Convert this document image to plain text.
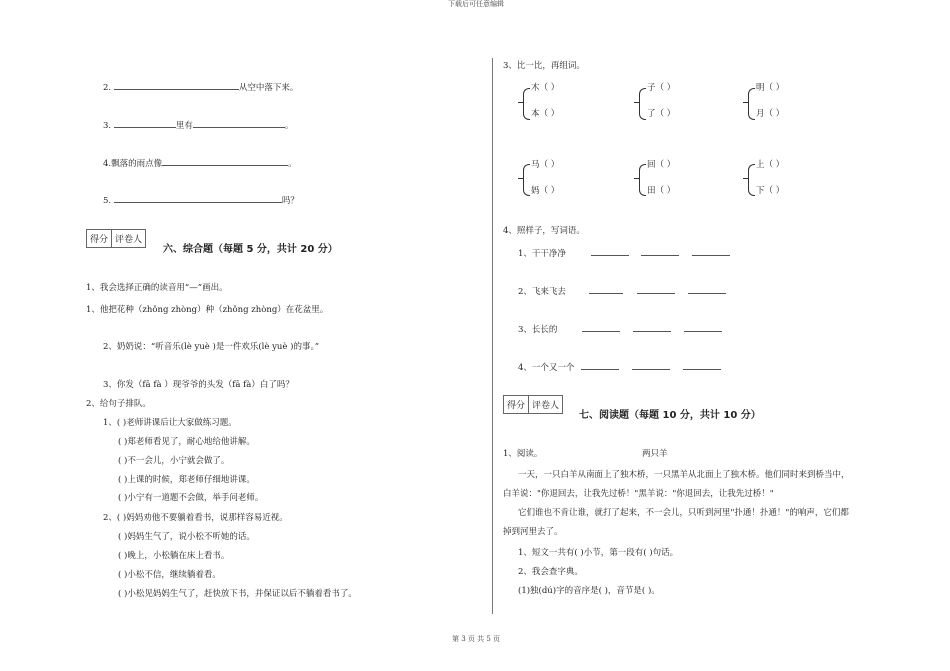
下载后可任意编辑
第 3 页 共 5 页
2.	从空中落下来。
3.	里有	。
4.飘落的雨点像	。
5.	吗？
得分 评卷人
六、综合题（每题 5 分，共计 20 分）
1、我会选择正确的读音用“—”画出。
1、他把花种（zhǒng zhòng）种（zhǒng zhòng）在花盆里。
2、奶奶说：“听音乐(lè yuè )是一件欢乐(lè yuè )的事。”
3、你发（fā fà ）现爷爷的头发（fā fà）白了吗？
2、给句子排队。
1、( )老师讲课后让大家做练习题。
( )郑老师看见了，耐心地给他讲解。
( )不一会儿，小宁就会做了。
( )上课的时候，郑老师仔细地讲课。
( )小宁有一道题不会做，举手问老师。
2、( )妈妈劝他不要躺着看书，说那样容易近视。
( )妈妈生气了，说小松不听她的话。
( )晚上，小松躺在床上看书。
( )小松不信，继续躺着看。
( )小松见妈妈生气了，赶快放下书，并保证以后不躺着看书了。
3、比一比，再组词。
木（ ）
本（ ）
子（ ）
了（ ）
明（ ）
月（ ）
马（ ）
妈（ ）
回（ ）
田（ ）
上（ ）
下（ ）
4、照样子，写词语。
1、干干净净
2、飞来飞去
3、长长的
4、一个又一个
得分 评卷人
七、阅读题（每题 10 分，共计 10 分）
1、阅读。	两只羊
一天，一只白羊从南面上了独木桥，一只黑羊从北面上了独木桥。他们同时来到桥当中，
白羊说："你退回去，让我先过桥！"黑羊说："你退回去，让我先过桥！"
它们谁也不肯让谁，就打了起来，不一会儿，只听到河里"扑通！扑通！"的响声，它们都
掉到河里去了。
1、短文一共有( )小节，第一段有( )句话。
2、我会查字典。
(1)独(dú)字的音序是( )，音节是( )。
